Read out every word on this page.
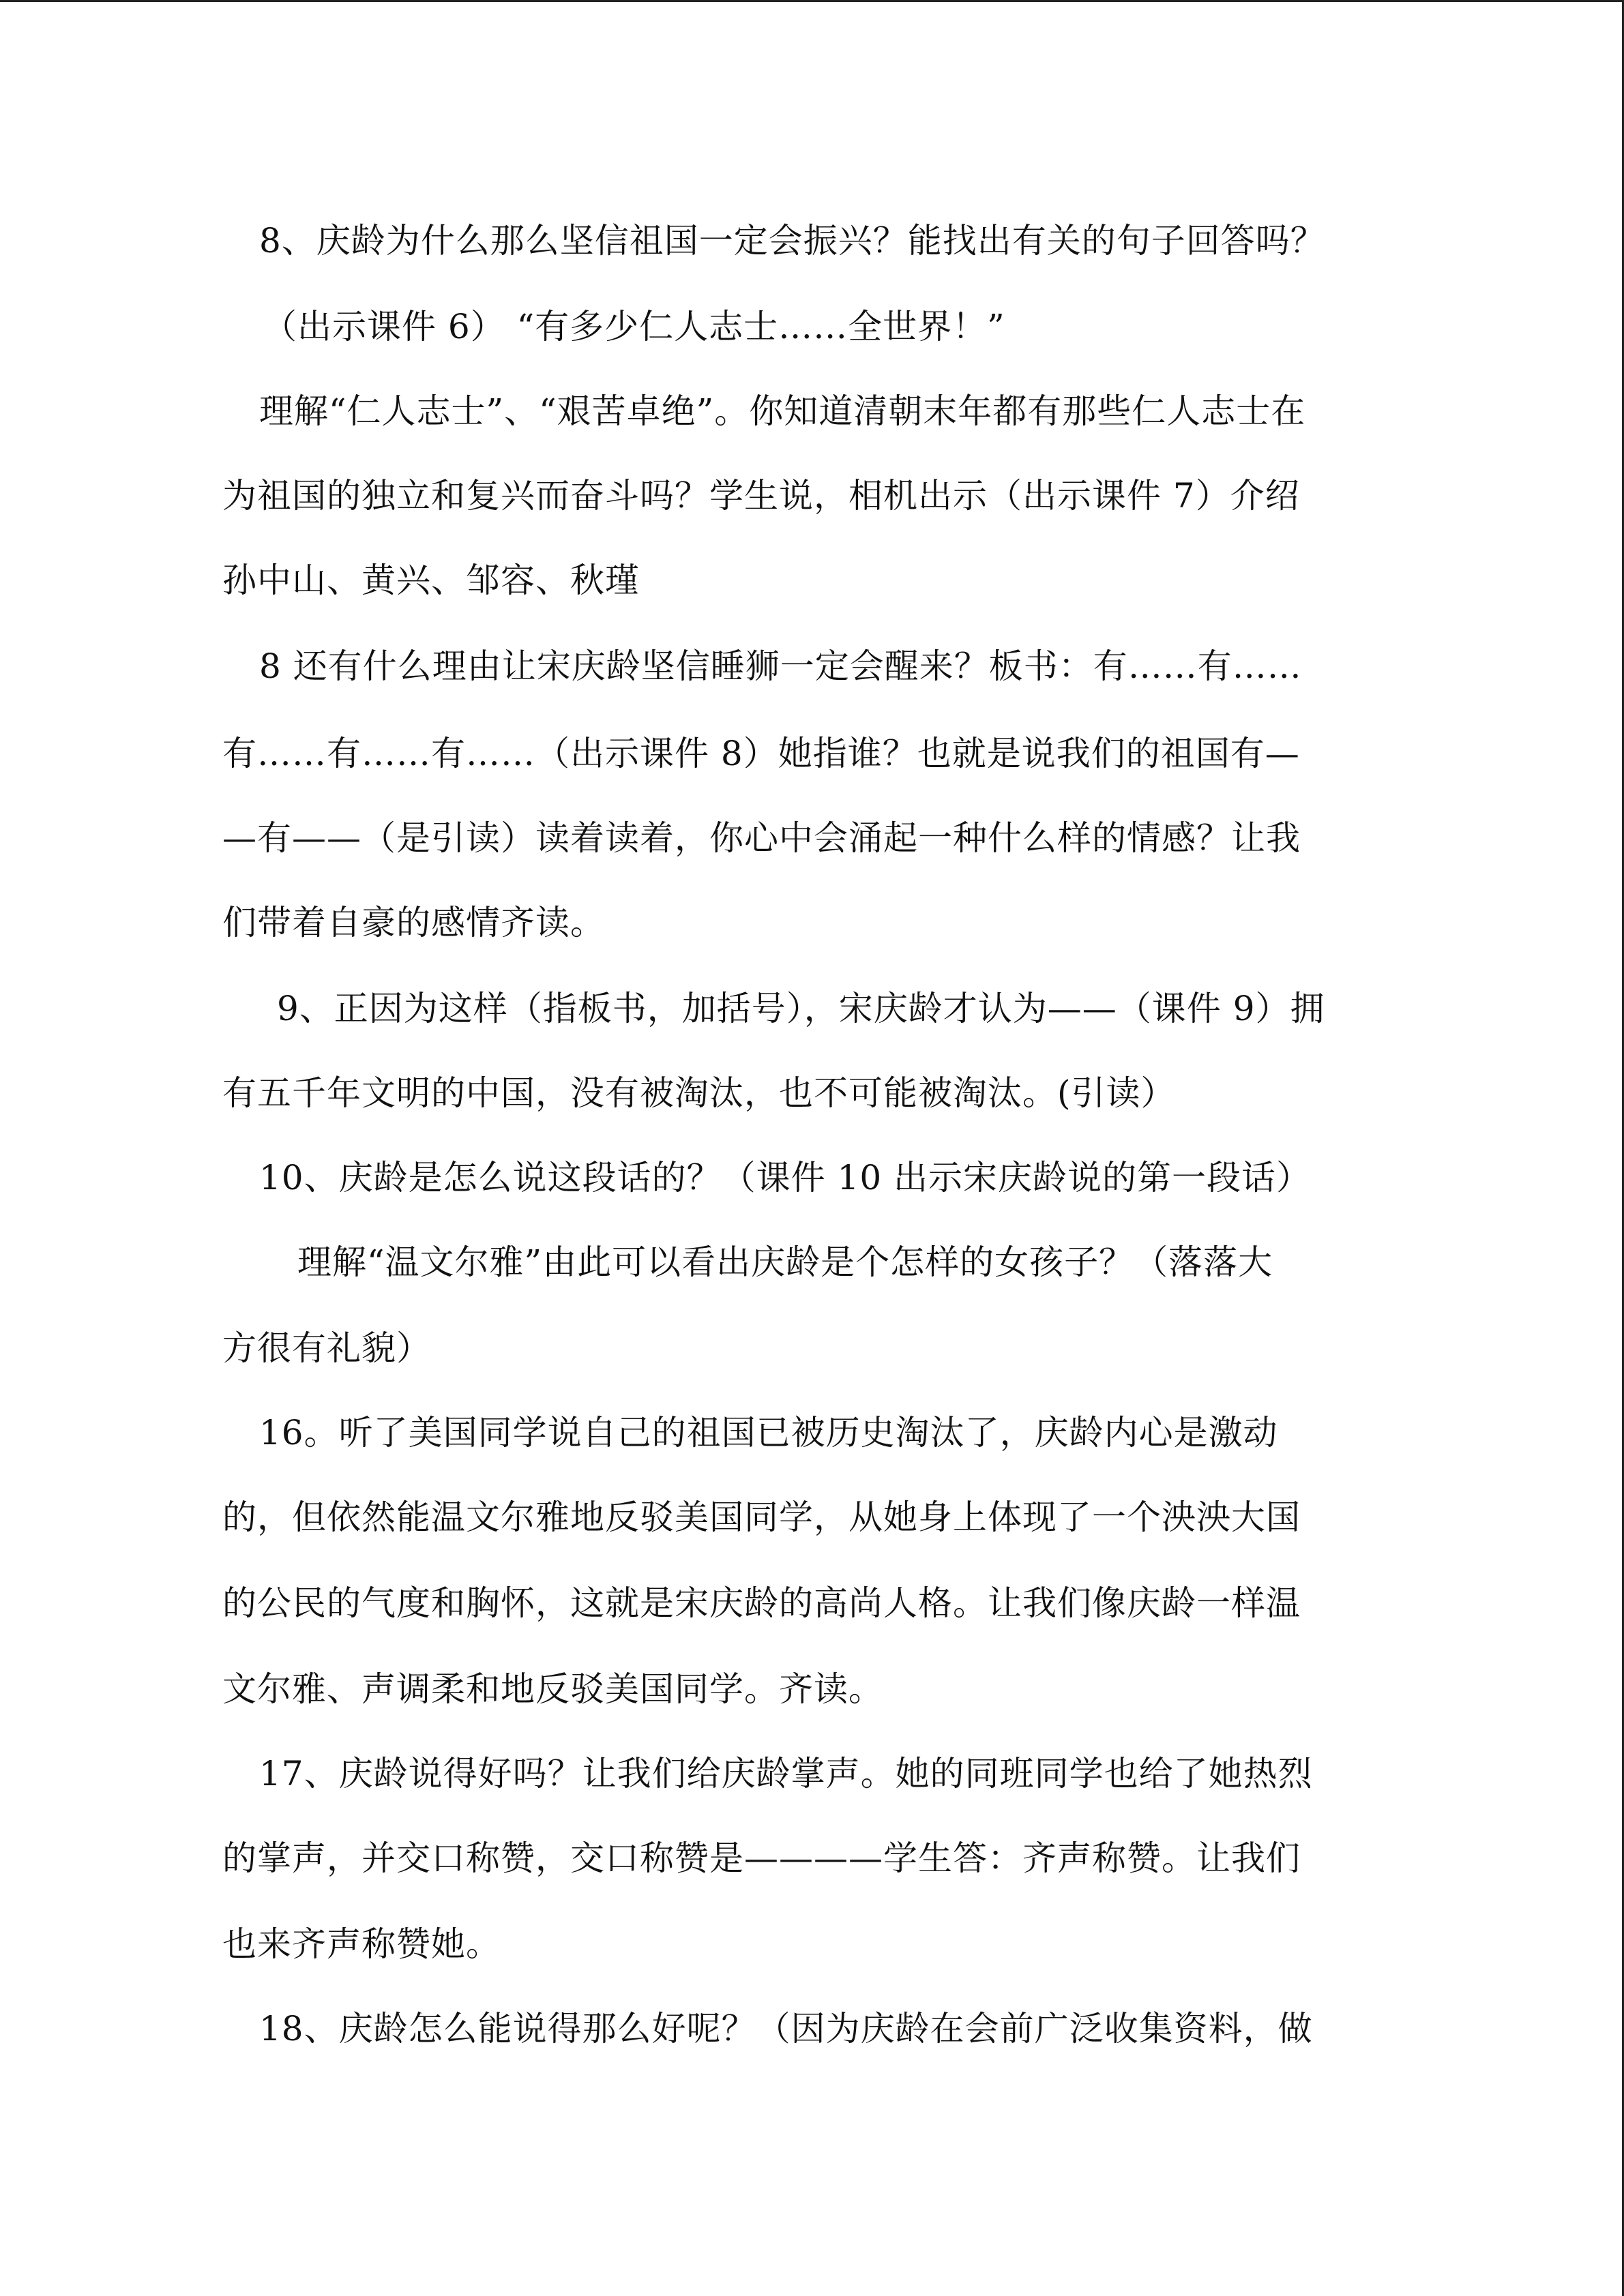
8、庆龄为什么那么坚信祖国一定会振兴？能找出有关的句子回答吗？
（出示课件 6） “有多少仁人志士……全世界！”
理解“仁人志士”、“艰苦卓绝”。你知道清朝末年都有那些仁人志士在
为祖国的独立和复兴而奋斗吗？学生说，相机出示（出示课件 7）介绍
孙中山、黄兴、邹容、秋瑾
8 还有什么理由让宋庆龄坚信睡狮一定会醒来？板书：有……有……
有……有……有……（出示课件 8）她指谁？也就是说我们的祖国有—
—有——（是引读）读着读着，你心中会涌起一种什么样的情感？让我
们带着自豪的感情齐读。
9、正因为这样（指板书，加括号），宋庆龄才认为——（课件 9）拥
有五千年文明的中国，没有被淘汰，也不可能被淘汰。(引读）
10、庆龄是怎么说这段话的？（课件 10 出示宋庆龄说的第一段话）
理解“温文尔雅”由此可以看出庆龄是个怎样的女孩子？（落落大
方很有礼貌）
16。听了美国同学说自己的祖国已被历史淘汰了，庆龄内心是激动
的，但依然能温文尔雅地反驳美国同学，从她身上体现了一个泱泱大国
的公民的气度和胸怀，这就是宋庆龄的高尚人格。让我们像庆龄一样温
文尔雅、声调柔和地反驳美国同学。齐读。
17、庆龄说得好吗？让我们给庆龄掌声。她的同班同学也给了她热烈
的掌声，并交口称赞，交口称赞是————学生答：齐声称赞。让我们
也来齐声称赞她。
18、庆龄怎么能说得那么好呢？（因为庆龄在会前广泛收集资料，做
